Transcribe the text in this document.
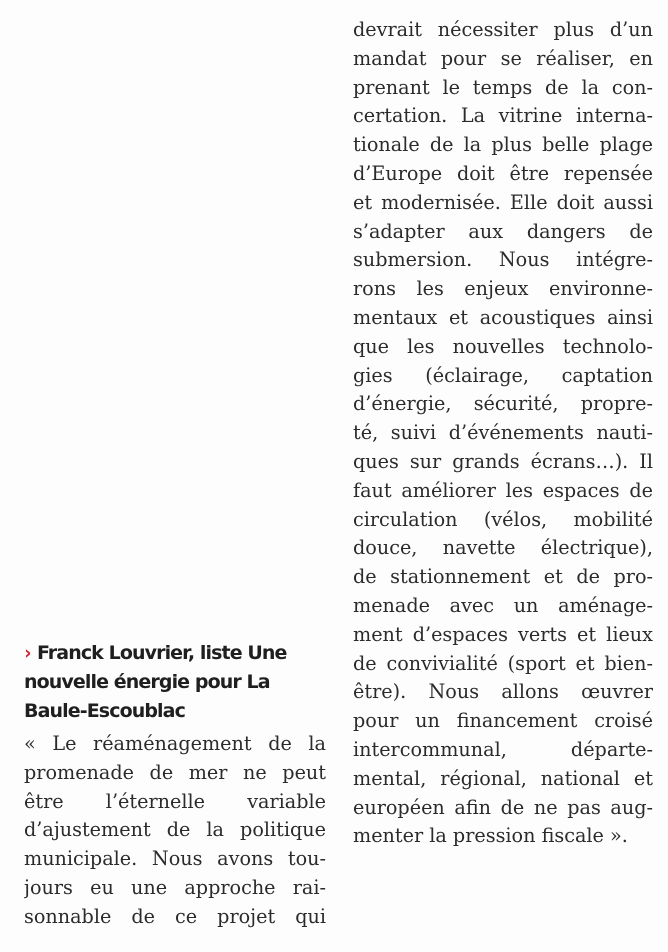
devrait nécessiter plus d’un
mandat pour se réaliser, en
prenant le temps de la con-
certation. La vitrine interna-
tionale de la plus belle plage
d’Europe doit être repensée
et modernisée. Elle doit aussi
s’adapter aux dangers de
submersion. Nous intégre-
rons les enjeux environne-
mentaux et acoustiques ainsi
que les nouvelles technolo-
gies (éclairage, captation
d’énergie, sécurité, propre-
té, suivi d’événements nauti-
ques sur grands écrans…). Il
faut améliorer les espaces de
circulation (vélos, mobilité
douce, navette électrique),
de stationnement et de pro-
menade avec un aménage-
ment d’espaces verts et lieux
de convivialité (sport et bien-
être). Nous allons œuvrer
pour un financement croisé
intercommunal, départe-
mental, régional, national et
européen afin de ne pas aug-
menter la pression fiscale ».
› Franck Louvrier, liste Une
nouvelle énergie pour La
Baule-Escoublac
« Le réaménagement de la
promenade de mer ne peut
être l’éternelle variable
d’ajustement de la politique
municipale. Nous avons tou-
jours eu une approche rai-
sonnable de ce projet qui
